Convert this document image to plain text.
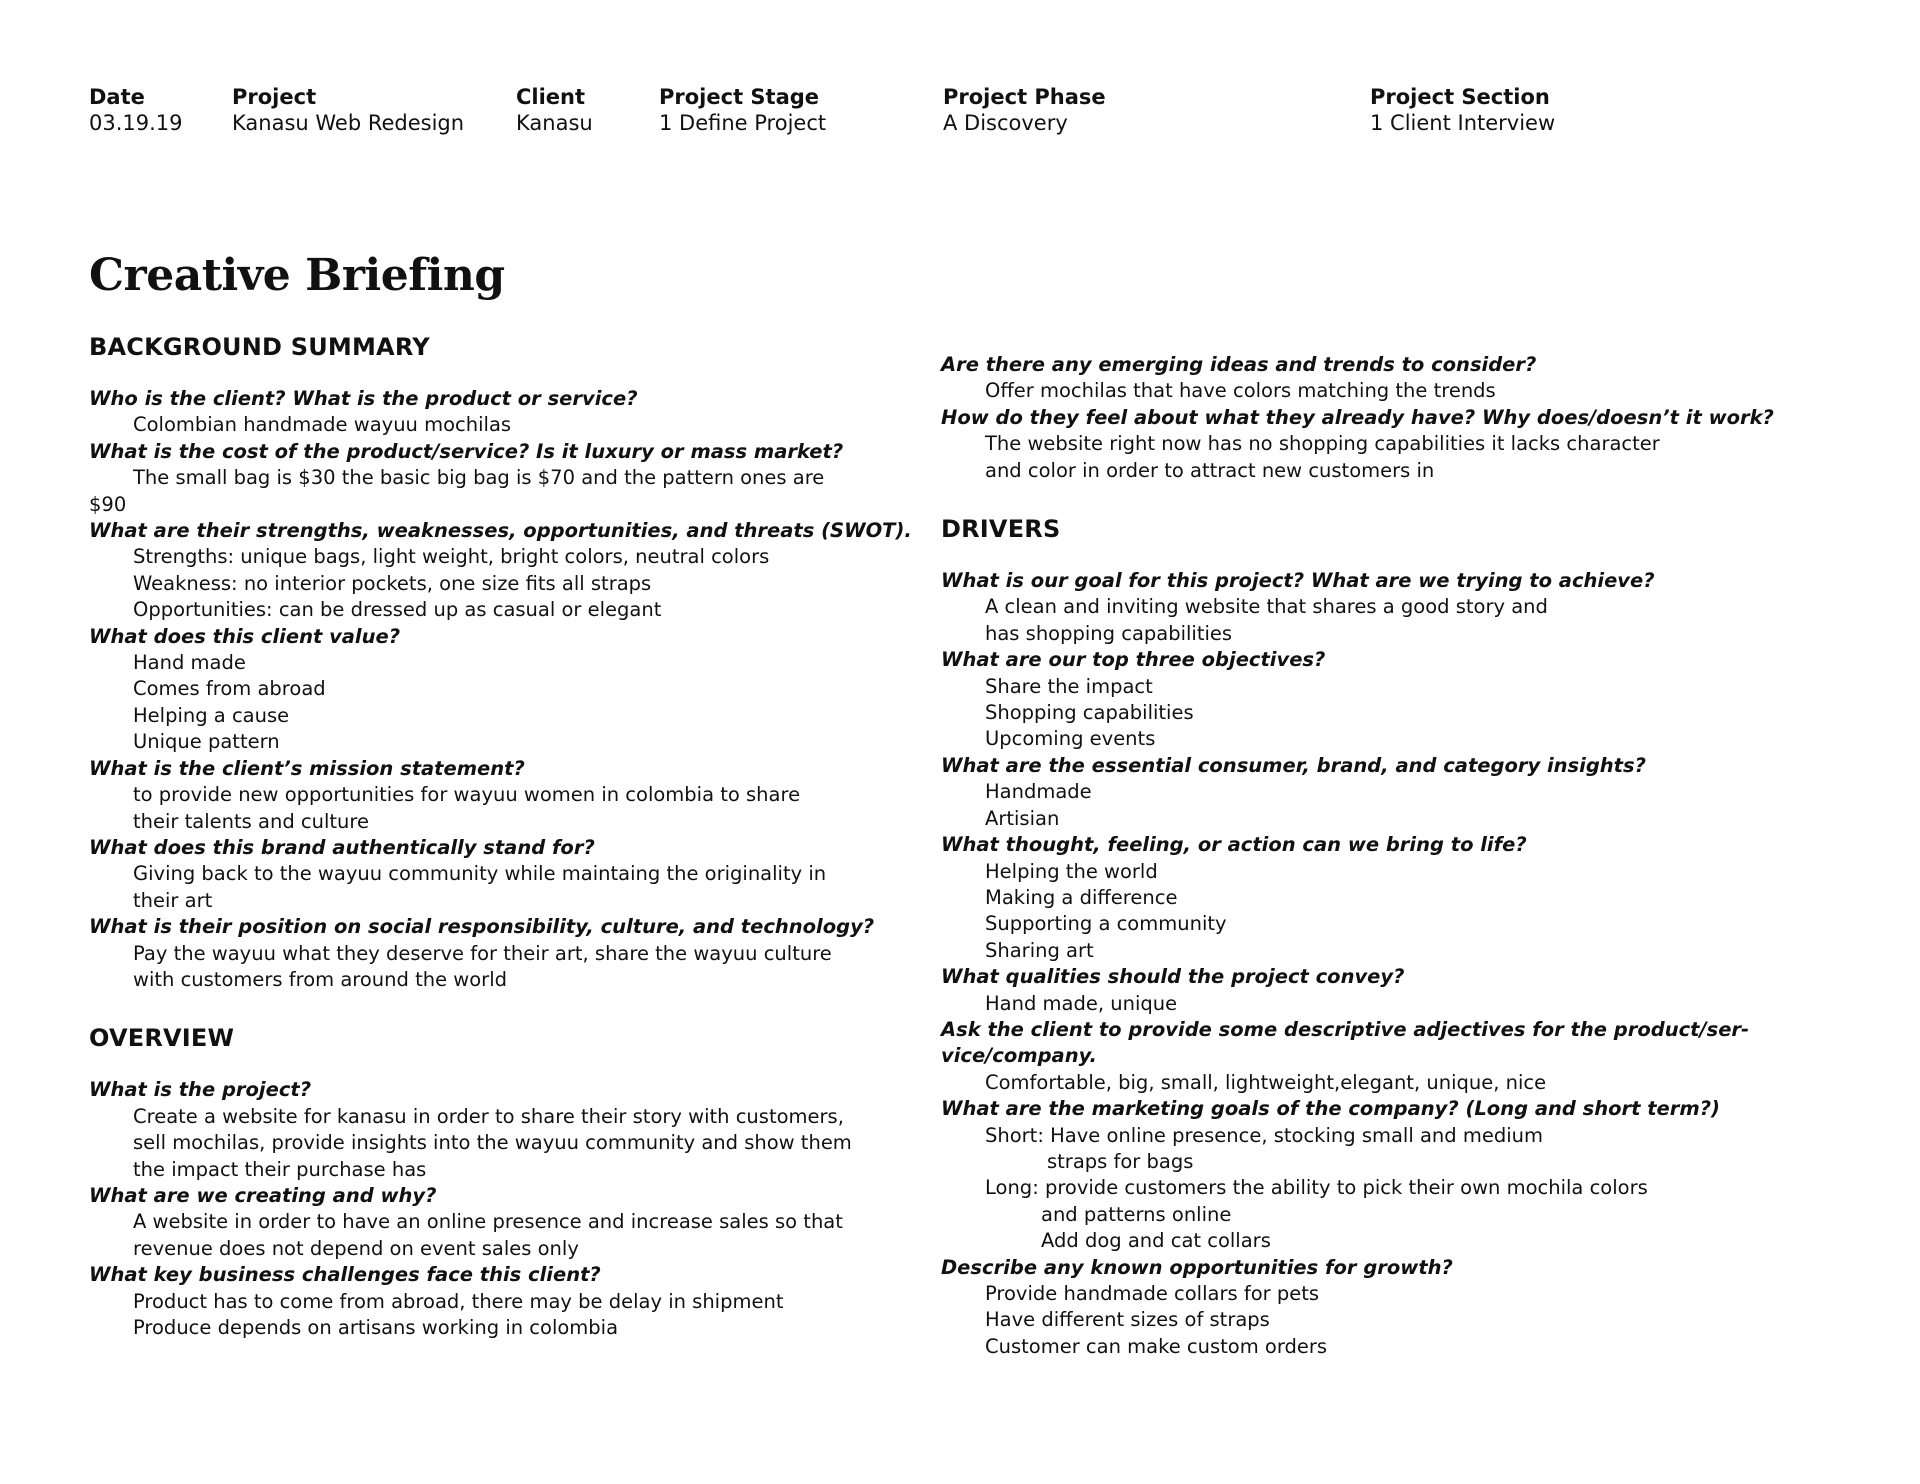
Date
03.19.19
Project
Kanasu Web Redesign
Client
Kanasu
Project Stage
1 Define Project
Project Phase
A Discovery
Project Section
1 Client Interview
Creative Briefing
BACKGROUND SUMMARY
Who is the client? What is the product or service?
Colombian handmade wayuu mochilas
What is the cost of the product/service? Is it luxury or mass market?
The small bag is $30 the basic big bag is $70 and the pattern ones are
$90
What are their strengths, weaknesses, opportunities, and threats (SWOT).
Strengths: unique bags, light weight, bright colors, neutral colors
Weakness: no interior pockets, one size fits all straps
Opportunities: can be dressed up as casual or elegant
What does this client value?
Hand made
Comes from abroad
Helping a cause
Unique pattern
What is the client’s mission statement?
to provide new opportunities for wayuu women in colombia to share
their talents and culture
What does this brand authentically stand for?
Giving back to the wayuu community while maintaing the originality in
their art
What is their position on social responsibility, culture, and technology?
Pay the wayuu what they deserve for their art, share the wayuu culture
with customers from around the world
OVERVIEW
What is the project?
Create a website for kanasu in order to share their story with customers,
sell mochilas, provide insights into the wayuu community and show them
the impact their purchase has
What are we creating and why?
A website in order to have an online presence and increase sales so that
revenue does not depend on event sales only
What key business challenges face this client?
Product has to come from abroad, there may be delay in shipment
Produce depends on artisans working in colombia
Are there any emerging ideas and trends to consider?
Offer mochilas that have colors matching the trends
How do they feel about what they already have? Why does/doesn’t it work?
The website right now has no shopping capabilities it lacks character
and color in order to attract new customers in
DRIVERS
What is our goal for this project? What are we trying to achieve?
A clean and inviting website that shares a good story and
has shopping capabilities
What are our top three objectives?
Share the impact
Shopping capabilities
Upcoming events
What are the essential consumer, brand, and category insights?
Handmade
Artisian
What thought, feeling, or action can we bring to life?
Helping the world
Making a difference
Supporting a community
Sharing art
What qualities should the project convey?
Hand made, unique
Ask the client to provide some descriptive adjectives for the product/ser-
vice/company.
Comfortable, big, small, lightweight,elegant, unique, nice
What are the marketing goals of the company? (Long and short term?)
Short: Have online presence, stocking small and medium
straps for bags
Long: provide customers the ability to pick their own mochila colors
and patterns online
Add dog and cat collars
Describe any known opportunities for growth?
Provide handmade collars for pets
Have different sizes of straps
Customer can make custom orders
